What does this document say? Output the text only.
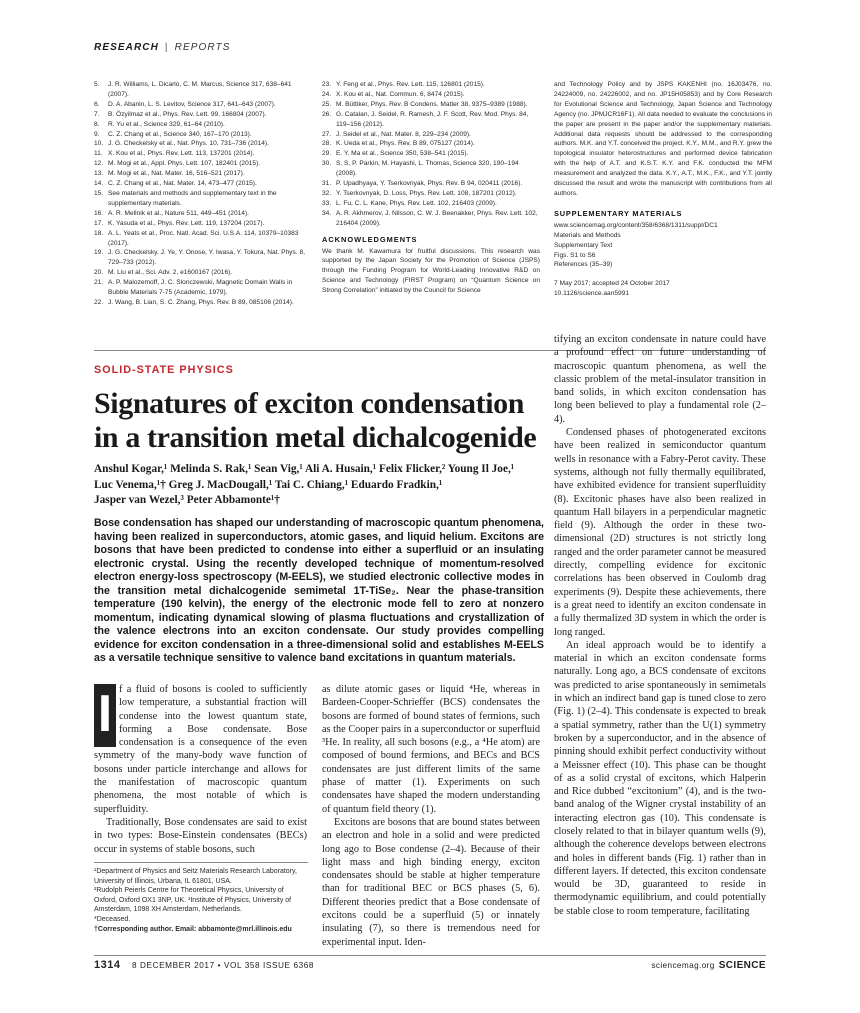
RESEARCH | REPORTS
5. J. R. Williams, L. Dicarlo, C. M. Marcus, Science 317, 638–641 (2007).
6. D. A. Abanin, L. S. Levitov, Science 317, 641–643 (2007).
7. B. Özyilmaz et al., Phys. Rev. Lett. 99, 166804 (2007).
8. R. Yu et al., Science 329, 61–64 (2010).
9. C. Z. Chang et al., Science 340, 167–170 (2013).
10. J. G. Checkelsky et al., Nat. Phys. 10, 731–736 (2014).
11. X. Kou et al., Phys. Rev. Lett. 113, 137201 (2014).
12. M. Mogi et al., Appl. Phys. Lett. 107, 182401 (2015).
13. M. Mogi et al., Nat. Mater. 16, 516–521 (2017).
14. C. Z. Chang et al., Nat. Mater. 14, 473–477 (2015).
15. See materials and methods and supplementary text in the supplementary materials.
16. A. R. Mellnik et al., Nature 511, 449–451 (2014).
17. K. Yasuda et al., Phys. Rev. Lett. 119, 137204 (2017).
18. A. L. Yeats et al., Proc. Natl. Acad. Sci. U.S.A. 114, 10379–10383 (2017).
19. J. G. Checkelsky, J. Ye, Y. Onose, Y. Iwasa, Y. Tokura, Nat. Phys. 8, 729–733 (2012).
20. M. Liu et al., Sci. Adv. 2, e1600167 (2016).
21. A. P. Malozemoff, J. C. Slonczewski, Magnetic Domain Walls in Bubble Materials 7-75 (Academic, 1979).
22. J. Wang, B. Lian, S. C. Zhang, Phys. Rev. B 89, 085106 (2014).
23. Y. Feng et al., Phys. Rev. Lett. 115, 126801 (2015).
24. X. Kou et al., Nat. Commun. 6, 8474 (2015).
25. M. Büttiker, Phys. Rev. B Condens. Matter 38, 9375–9389 (1988).
26. G. Catalan, J. Seidel, R. Ramesh, J. F. Scott, Rev. Mod. Phys. 84, 119–156 (2012).
27. J. Seidel et al., Nat. Mater. 8, 229–234 (2009).
28. K. Ueda et al., Phys. Rev. B 89, 075127 (2014).
29. E. Y. Ma et al., Science 350, 538–541 (2015).
30. S. S. P. Parkin, M. Hayashi, L. Thomas, Science 320, 190–194 (2008).
31. P. Upadhyaya, Y. Tserkovnyak, Phys. Rev. B 94, 020411 (2016).
32. Y. Tserkovnyak, D. Loss, Phys. Rev. Lett. 108, 187201 (2012).
33. L. Fu, C. L. Kane, Phys. Rev. Lett. 102, 216403 (2009).
34. A. R. Akhmerov, J. Nilsson, C. W. J. Beenakker, Phys. Rev. Lett. 102, 216404 (2009).
ACKNOWLEDGMENTS
We thank M. Kawamura for fruitful discussions. This research was supported by the Japan Society for the Promotion of Science (JSPS) through the Funding Program for World-Leading Innovative R&D on Science and Technology (FIRST Program) on “Quantum Science on Strong Correlation” initiated by the Council for Science
and Technology Policy and by JSPS KAKENHI (no. 16J03476, no. 24224009, no. 24226002, and no. JP15H05853) and by Core Research for Evolutional Science and Technology, Japan Science and Technology Agency (no. JPMJCR16F1). All data needed to evaluate the conclusions in the paper are present in the paper and/or the supplementary materials. Additional data requests should be addressed to the corresponding authors. M.K. and Y.T. conceived the project. K.Y., M.M., and R.Y. grew the topological insulator heterostructures and performed device fabrication with the help of A.T. and K.S.T. K.Y. and F.K. conducted the MFM measurement and analyzed the data. K.Y., A.T., M.K., F.K., and Y.T. jointly discussed the result and wrote the manuscript with contributions from all authors.
SUPPLEMENTARY MATERIALS
www.sciencemag.org/content/358/6368/1311/suppl/DC1
Materials and Methods
Supplementary Text
Figs. S1 to S6
References (35–39)
7 May 2017; accepted 24 October 2017
10.1126/science.aan5991
SOLID-STATE PHYSICS
Signatures of exciton condensation in a transition metal dichalcogenide
Anshul Kogar,¹ Melinda S. Rak,¹ Sean Vig,¹ Ali A. Husain,¹ Felix Flicker,² Young Il Joe,¹
Luc Venema,¹† Greg J. MacDougall,¹ Tai C. Chiang,¹ Eduardo Fradkin,¹
Jasper van Wezel,³ Peter Abbamonte¹†
Bose condensation has shaped our understanding of macroscopic quantum phenomena, having been realized in superconductors, atomic gases, and liquid helium. Excitons are bosons that have been predicted to condense into either a superfluid or an insulating electronic crystal. Using the recently developed technique of momentum-resolved electron energy-loss spectroscopy (M-EELS), we studied electronic collective modes in the transition metal dichalcogenide semimetal 1T-TiSe₂. Near the phase-transition temperature (190 kelvin), the energy of the electronic mode fell to zero at nonzero momentum, indicating dynamical slowing of plasma fluctuations and crystallization of the valence electrons into an exciton condensate. Our study provides compelling evidence for exciton condensation in a three-dimensional solid and establishes M-EELS as a versatile technique sensitive to valence band excitations in quantum materials.
I f a fluid of bosons is cooled to sufficiently low temperature, a substantial fraction will condense into the lowest quantum state, forming a Bose condensate. Bose condensation is a consequence of the even symmetry of the many-body wave function of bosons under particle interchange and allows for the manifestation of macroscopic quantum phenomena, the most notable of which is superfluidity.

Traditionally, Bose condensates are said to exist in two types: Bose-Einstein condensates (BECs) occur in systems of stable bosons, such

¹Department of Physics and Seitz Materials Research Laboratory, University of Illinois, Urbana, IL 61801, USA.
²Rudolph Peierls Centre for Theoretical Physics, University of Oxford, Oxford OX1 3NP, UK. ³Institute of Physics, University of Amsterdam, 1098 XH Amsterdam, Netherlands.
*Deceased.
†Corresponding author. Email: abbamonte@mrl.illinois.edu

as dilute atomic gases or liquid ⁴He, whereas in Bardeen-Cooper-Schrieffer (BCS) condensates the bosons are formed of bound states of fermions, such as the Cooper pairs in a superconductor or superfluid ³He. In reality, all such bosons (e.g., a ⁴He atom) are composed of bound fermions, and BECs and BCS condensates are just different limits of the same phase of matter (1). Experiments on such condensates have shaped the modern understanding of quantum field theory (1).

Excitons are bosons that are bound states between an electron and hole in a solid and were predicted long ago to Bose condense (2–4). Because of their light mass and high binding energy, exciton condensates should be stable at higher temperature than for traditional BEC or BCS phases (5, 6). Different theories predict that a Bose condensate of excitons could be a superfluid (5) or innately insulating (7), so there is tremendous need for experimental input. Iden-

tifying an exciton condensate in nature could have a profound effect on future understanding of macroscopic quantum phenomena, as well the classic problem of the metal-insulator transition in band solids, in which exciton condensation has long been believed to play a fundamental role (2–4).

Condensed phases of photogenerated excitons have been realized in semiconductor quantum wells in resonance with a Fabry-Perot cavity. These systems, although not fully thermally equilibrated, have exhibited evidence for transient superfluidity (8). Excitonic phases have also been realized in quantum Hall bilayers in a perpendicular magnetic field (9). Although the order in these two-dimensional (2D) structures is not strictly long ranged and the order parameter cannot be measured directly, compelling evidence for excitonic correlations has been observed in Coulomb drag experiments (9). Despite these achievements, there is a great need to identify an exciton condensate in a fully thermalized 3D system in which the order is long ranged.

An ideal approach would be to identify a material in which an exciton condensate forms naturally. Long ago, a BCS condensate of excitons was predicted to arise spontaneously in semimetals in which an indirect band gap is tuned close to zero (Fig. 1) (2–4). This condensate is expected to break a spatial symmetry, rather than the U(1) symmetry broken by a superconductor, and in the absence of pinning should exhibit perfect conductivity without a Meissner effect (10). This phase can be thought of as a solid crystal of excitons, which Halperin and Rice dubbed “excitonium” (4), and is the two-band analog of the Wigner crystal instability of an interacting electron gas (10). This condensate is closely related to that in bilayer quantum wells (9), although the coherence develops between electrons and holes in different bands (Fig. 1) rather than in different layers. If detected, this exciton condensate would be 3D, guaranteed to reside in thermodynamic equilibrium, and could potentially be stable close to room temperature, facilitating

1314 8 DECEMBER 2017 • VOL 358 ISSUE 6368	sciencemag.org SCIENCE
